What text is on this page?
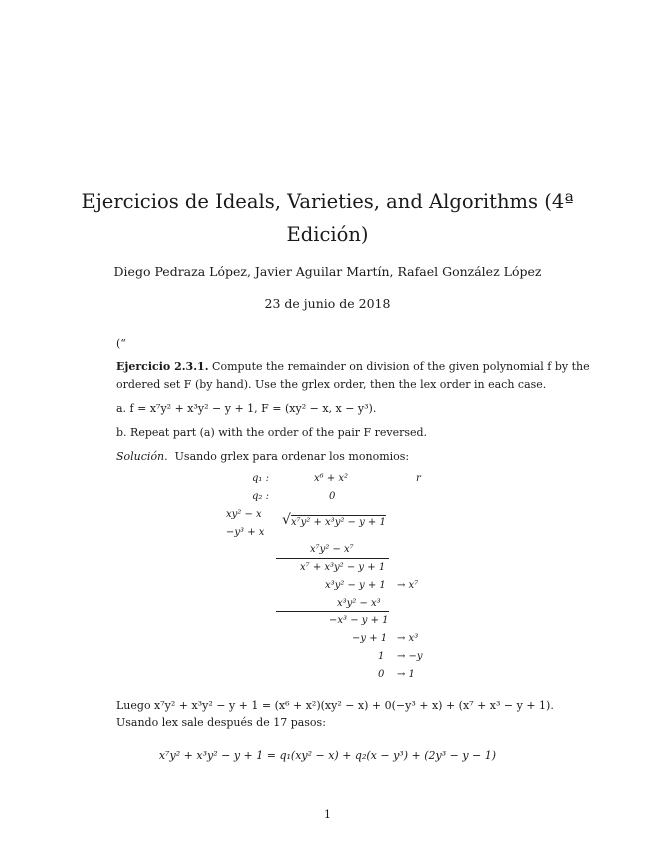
Ejercicios de Ideals, Varieties, and Algorithms (4ª
Edición)
Diego Pedraza López, Javier Aguilar Martín, Rafael González López
23 de junio de 2018
(“
Ejercicio 2.3.1. Compute the remainder on division of the given polynomial f by the
ordered set F (by hand). Use the grlex order, then the lex order in each case.
a. f = x⁷y² + x³y² − y + 1, F = (xy² − x, x − y³).
b. Repeat part (a) with the order of the pair F reversed.
Solución. Usando grlex para ordenar los monomios:
q₁ :	x⁶ + x²	r
q₂ :	0
xy² − x
−y³ + x
√ x⁷y² + x³y² − y + 1
x⁷y² − x⁷
x⁷ + x³y² − y + 1
x³y² − y + 1 → x⁷
x³y² − x³
−x³ − y + 1
−y + 1 → x³
1 → −y
0 → 1
Luego x⁷y² + x³y² − y + 1 = (x⁶ + x²)(xy² − x) + 0(−y³ + x) + (x⁷ + x³ − y + 1).
Usando lex sale después de 17 pasos:
x⁷y² + x³y² − y + 1 = q₁(xy² − x) + q₂(x − y³) + (2y³ − y − 1)
1
